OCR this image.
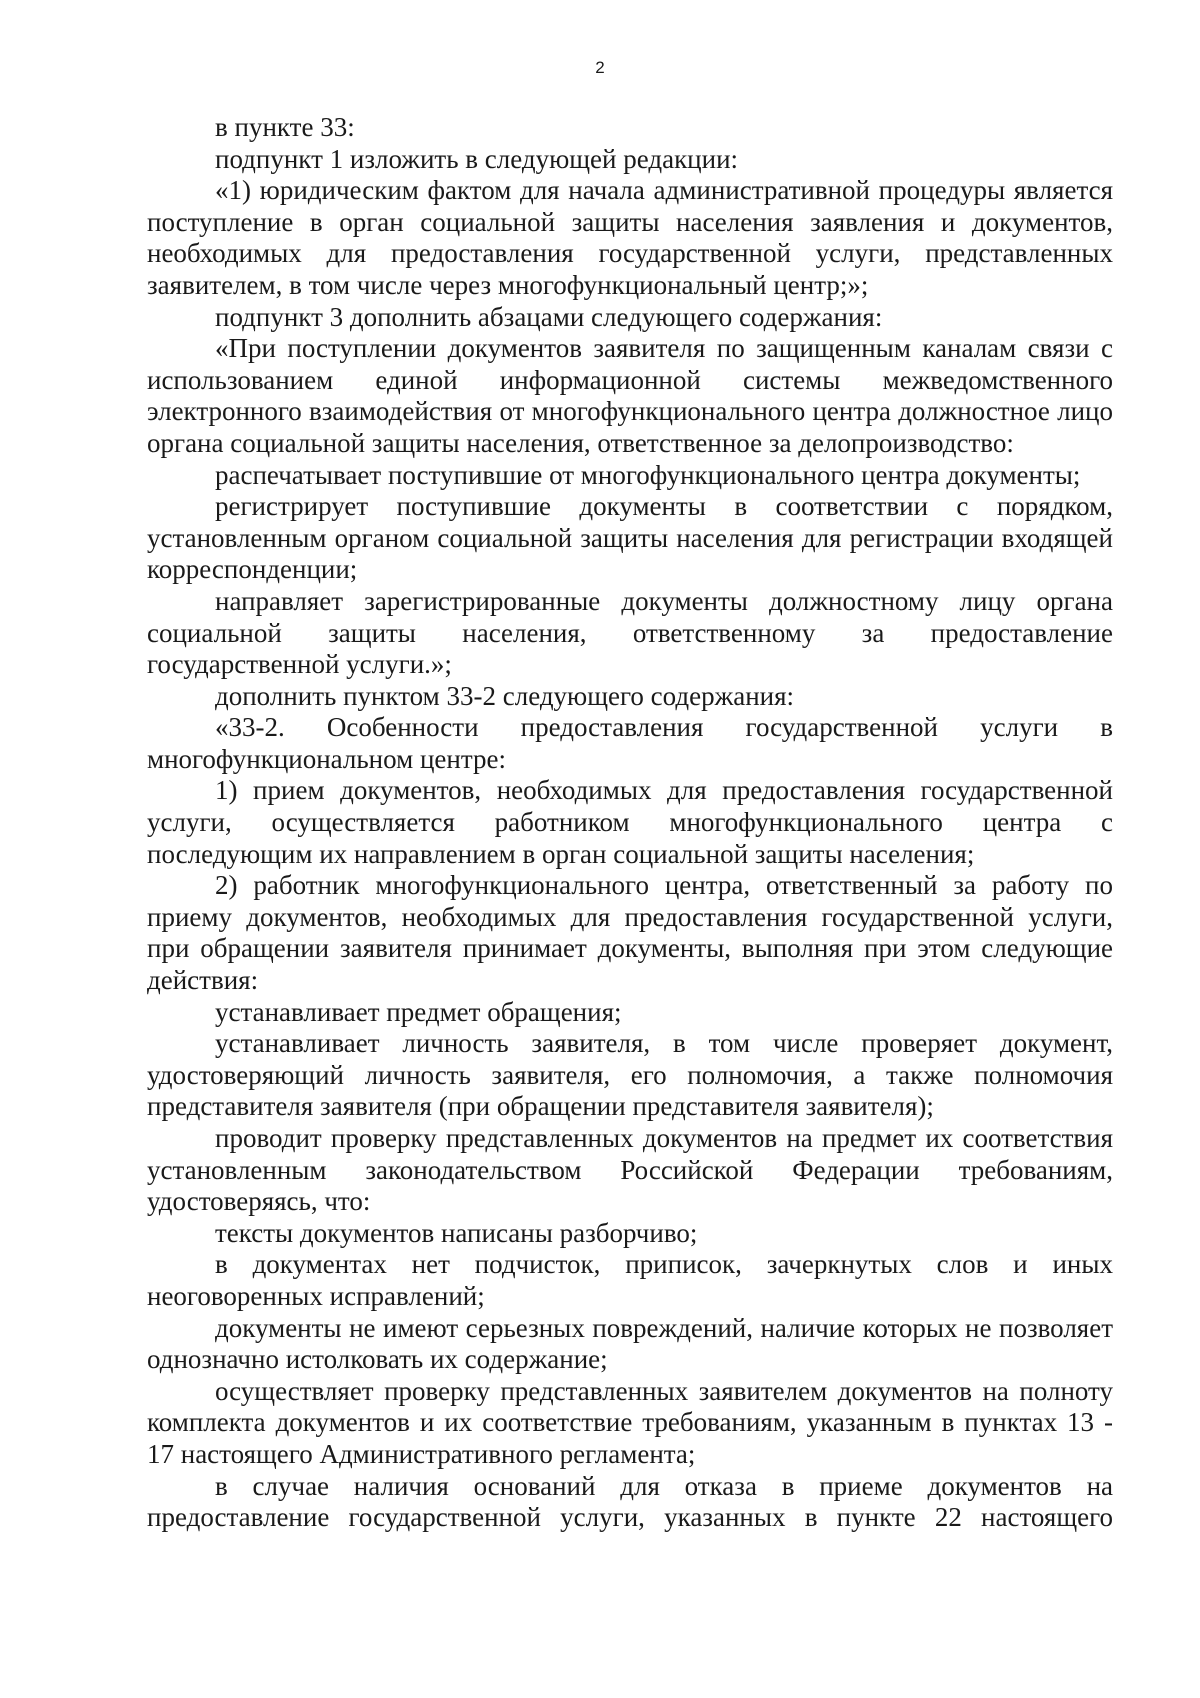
2

в пункте 33:

подпункт 1 изложить в следующей редакции:

«1) юридическим фактом для начала административной процедуры является поступление в орган социальной защиты населения заявления и документов, необходимых для предоставления государственной услуги, представленных заявителем, в том числе через многофункциональный центр;»;

подпункт 3 дополнить абзацами следующего содержания:

«При поступлении документов заявителя по защищенным каналам связи с использованием единой информационной системы межведомственного электронного взаимодействия от многофункционального центра должностное лицо органа социальной защиты населения, ответственное за делопроизводство:

распечатывает поступившие от многофункционального центра документы;

регистрирует поступившие документы в соответствии с порядком, установленным органом социальной защиты населения для регистрации входящей корреспонденции;

направляет зарегистрированные документы должностному лицу органа социальной защиты населения, ответственному за предоставление государственной услуги.»;

дополнить пунктом 33-2 следующего содержания:

«33-2. Особенности предоставления государственной услуги в многофункциональном центре:

1) прием документов, необходимых для предоставления государственной услуги, осуществляется работником многофункционального центра с последующим их направлением в орган социальной защиты населения;

2) работник многофункционального центра, ответственный за работу по приему документов, необходимых для предоставления государственной услуги, при обращении заявителя принимает документы, выполняя при этом следующие действия:

устанавливает предмет обращения;

устанавливает личность заявителя, в том числе проверяет документ, удостоверяющий личность заявителя, его полномочия, а также полномочия представителя заявителя (при обращении представителя заявителя);

проводит проверку представленных документов на предмет их соответствия установленным законодательством Российской Федерации требованиям, удостоверяясь, что:

тексты документов написаны разборчиво;

в документах нет подчисток, приписок, зачеркнутых слов и иных неоговоренных исправлений;

документы не имеют серьезных повреждений, наличие которых не позволяет однозначно истолковать их содержание;

осуществляет проверку представленных заявителем документов на полноту комплекта документов и их соответствие требованиям, указанным в пунктах 13 - 17 настоящего Административного регламента;

в случае наличия оснований для отказа в приеме документов на предоставление государственной услуги, указанных в пункте 22 настоящего
